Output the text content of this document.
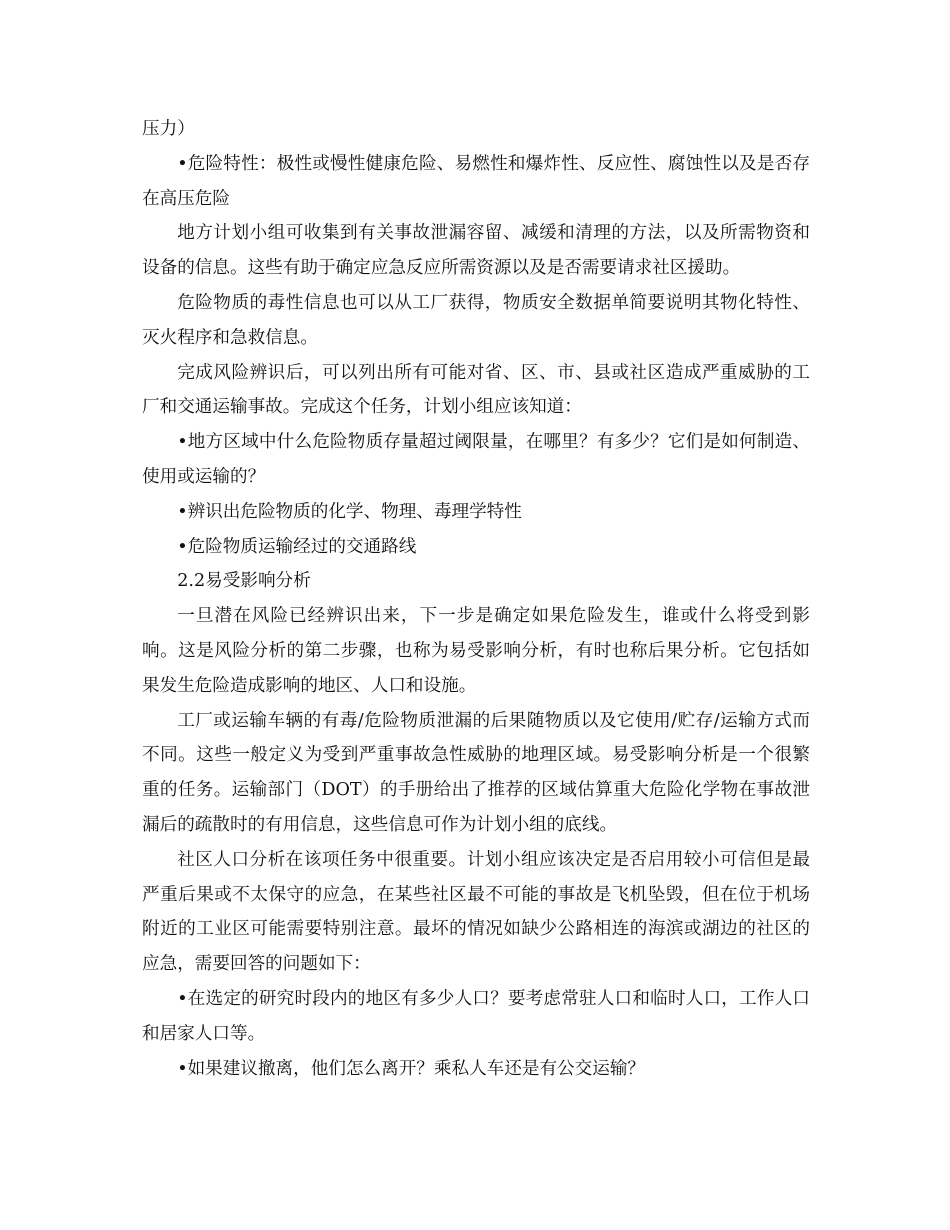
压力）

•危险特性：极性或慢性健康危险、易燃性和爆炸性、反应性、腐蚀性以及是否存在高压危险

地方计划小组可收集到有关事故泄漏容留、减缓和清理的方法，以及所需物资和设备的信息。这些有助于确定应急反应所需资源以及是否需要请求社区援助。

危险物质的毒性信息也可以从工厂获得，物质安全数据单简要说明其物化特性、灭火程序和急救信息。

完成风险辨识后，可以列出所有可能对省、区、市、县或社区造成严重威胁的工厂和交通运输事故。完成这个任务，计划小组应该知道：

•地方区域中什么危险物质存量超过阈限量，在哪里？有多少？它们是如何制造、使用或运输的？

•辨识出危险物质的化学、物理、毒理学特性

•危险物质运输经过的交通路线

2.2易受影响分析

一旦潜在风险已经辨识出来，下一步是确定如果危险发生，谁或什么将受到影响。这是风险分析的第二步骤，也称为易受影响分析，有时也称后果分析。它包括如果发生危险造成影响的地区、人口和设施。

工厂或运输车辆的有毒/危险物质泄漏的后果随物质以及它使用/贮存/运输方式而不同。这些一般定义为受到严重事故急性威胁的地理区域。易受影响分析是一个很繁重的任务。运输部门（DOT）的手册给出了推荐的区域估算重大危险化学物在事故泄漏后的疏散时的有用信息，这些信息可作为计划小组的底线。

社区人口分析在该项任务中很重要。计划小组应该决定是否启用较小可信但是最严重后果或不太保守的应急，在某些社区最不可能的事故是飞机坠毁，但在位于机场附近的工业区可能需要特别注意。最坏的情况如缺少公路相连的海滨或湖边的社区的应急，需要回答的问题如下：

•在选定的研究时段内的地区有多少人口？要考虑常驻人口和临时人口，工作人口和居家人口等。

•如果建议撤离，他们怎么离开？乘私人车还是有公交运输？
